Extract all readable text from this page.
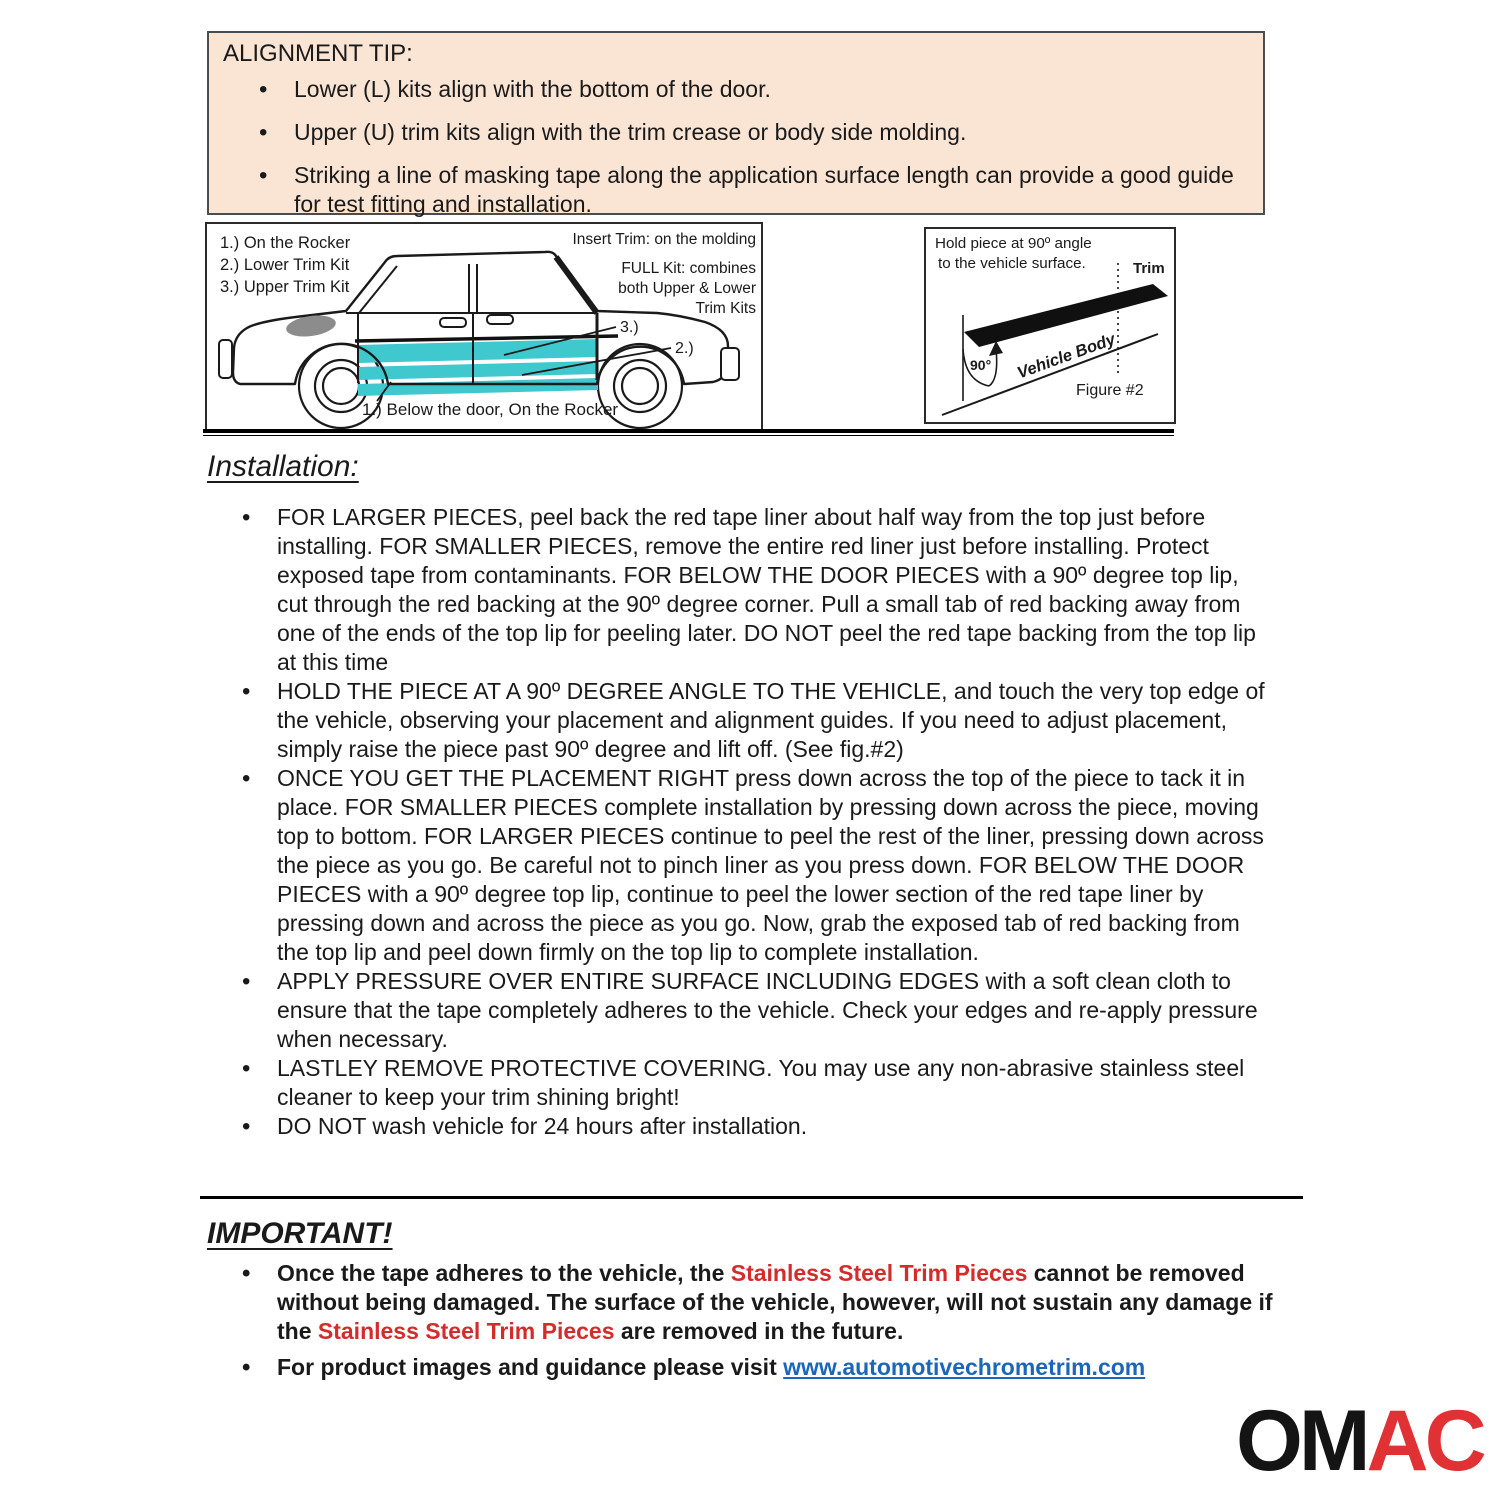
ALIGNMENT TIP:
• Lower (L) kits align with the bottom of the door.
• Upper (U) trim kits align with the trim crease or body side molding.
• Striking a line of masking tape along the application surface length can provide a good guide for test fitting and installation.
1.) On the Rocker
2.) Lower Trim Kit
3.) Upper Trim Kit
Insert Trim: on the molding
FULL Kit: combines
both Upper & Lower
Trim Kits
3.)
2.)
1.) Below the door, On the Rocker
Hold piece at 90º angle
to the vehicle surface.
90° Vehicle Body
Trim
Figure #2
Installation:
• FOR LARGER PIECES, peel back the red tape liner about half way from the top just before installing. FOR SMALLER PIECES, remove the entire red liner just before installing. Protect exposed tape from contaminants. FOR BELOW THE DOOR PIECES with a 90º degree top lip, cut through the red backing at the 90º degree corner. Pull a small tab of red backing away from one of the ends of the top lip for peeling later. DO NOT peel the red tape backing from the top lip at this time
• HOLD THE PIECE AT A 90º DEGREE ANGLE TO THE VEHICLE, and touch the very top edge of the vehicle, observing your placement and alignment guides. If you need to adjust placement, simply raise the piece past 90º degree and lift off. (See fig.#2)
• ONCE YOU GET THE PLACEMENT RIGHT press down across the top of the piece to tack it in place. FOR SMALLER PIECES complete installation by pressing down across the piece, moving top to bottom. FOR LARGER PIECES continue to peel the rest of the liner, pressing down across the piece as you go. Be careful not to pinch liner as you press down. FOR BELOW THE DOOR PIECES with a 90º degree top lip, continue to peel the lower section of the red tape liner by pressing down and across the piece as you go. Now, grab the exposed tab of red backing from the top lip and peel down firmly on the top lip to complete installation.
• APPLY PRESSURE OVER ENTIRE SURFACE INCLUDING EDGES with a soft clean cloth to ensure that the tape completely adheres to the vehicle. Check your edges and re-apply pressure when necessary.
• LASTLEY REMOVE PROTECTIVE COVERING. You may use any non-abrasive stainless steel cleaner to keep your trim shining bright!
• DO NOT wash vehicle for 24 hours after installation.
IMPORTANT!
• Once the tape adheres to the vehicle, the Stainless Steel Trim Pieces cannot be removed without being damaged. The surface of the vehicle, however, will not sustain any damage if the Stainless Steel Trim Pieces are removed in the future.
• For product images and guidance please visit www.automotivechrometrim.com
OMAC
